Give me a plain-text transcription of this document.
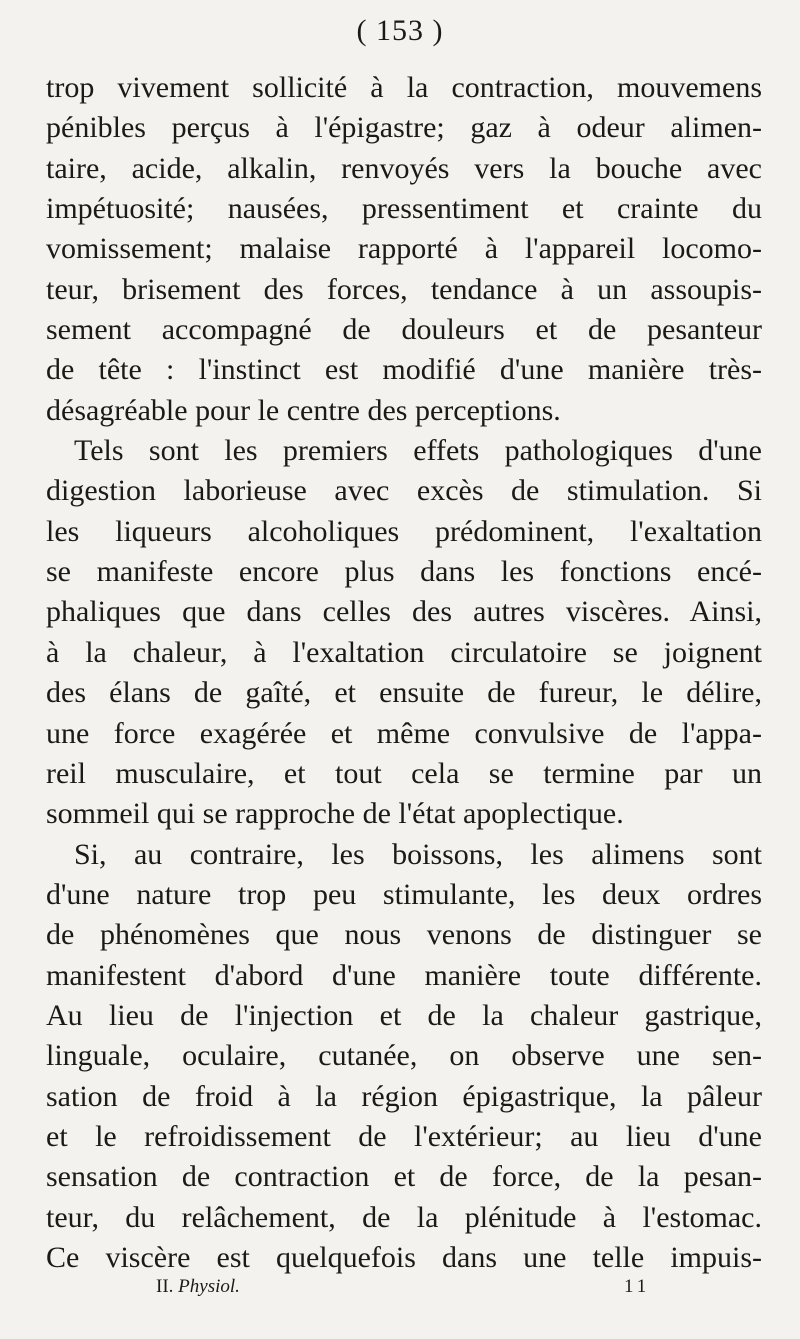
( 153 )
trop vivement sollicité à la contraction, mouvemens
pénibles perçus à l'épigastre; gaz à odeur alimen-
taire, acide, alkalin, renvoyés vers la bouche avec
impétuosité; nausées, pressentiment et crainte du
vomissement; malaise rapporté à l'appareil locomo-
teur, brisement des forces, tendance à un assoupis-
sement accompagné de douleurs et de pesanteur
de tête : l'instinct est modifié d'une manière très-
désagréable pour le centre des perceptions.
Tels sont les premiers effets pathologiques d'une
digestion laborieuse avec excès de stimulation. Si
les liqueurs alcoholiques prédominent, l'exaltation
se manifeste encore plus dans les fonctions encé-
phaliques que dans celles des autres viscères. Ainsi,
à la chaleur, à l'exaltation circulatoire se joignent
des élans de gaîté, et ensuite de fureur, le délire,
une force exagérée et même convulsive de l'appa-
reil musculaire, et tout cela se termine par un
sommeil qui se rapproche de l'état apoplectique.
Si, au contraire, les boissons, les alimens sont
d'une nature trop peu stimulante, les deux ordres
de phénomènes que nous venons de distinguer se
manifestent d'abord d'une manière toute différente.
Au lieu de l'injection et de la chaleur gastrique,
linguale, oculaire, cutanée, on observe une sen-
sation de froid à la région épigastrique, la pâleur
et le refroidissement de l'extérieur; au lieu d'une
sensation de contraction et de force, de la pesan-
teur, du relâchement, de la plénitude à l'estomac.
Ce viscère est quelquefois dans une telle impuis-
II. Physiol.	11
